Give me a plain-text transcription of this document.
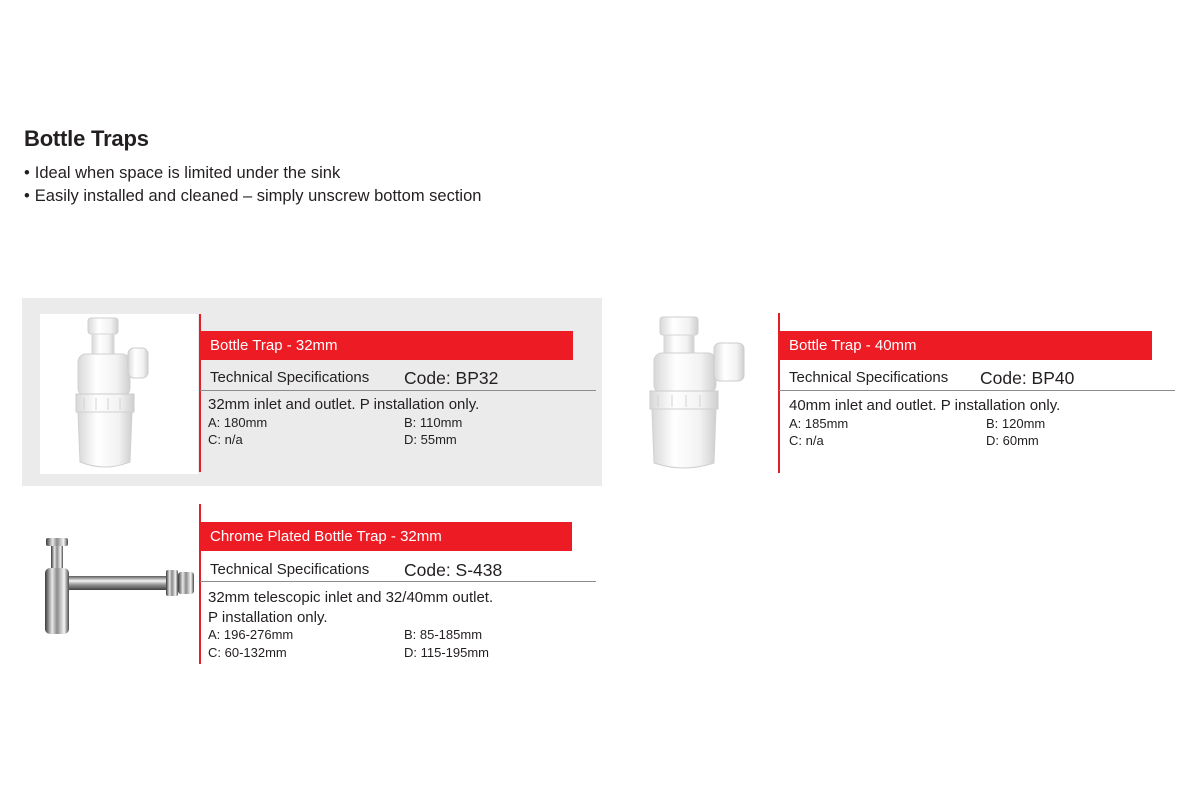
Bottle Traps
• Ideal when space is limited under the sink
• Easily installed and cleaned – simply unscrew bottom section
Bottle Trap - 32mm
Technical Specifications Code: BP32
32mm inlet and outlet. P installation only.
A: 180mm	B: 110mm
C: n/a	D: 55mm
Bottle Trap - 40mm
Technical Specifications Code: BP40
40mm inlet and outlet. P installation only.
A: 185mm	B: 120mm
C: n/a	D: 60mm
Chrome Plated Bottle Trap - 32mm
Technical Specifications Code: S-438
32mm telescopic inlet and 32/40mm outlet.
P installation only.
A: 196-276mm	B: 85-185mm
C: 60-132mm	D: 115-195mm
